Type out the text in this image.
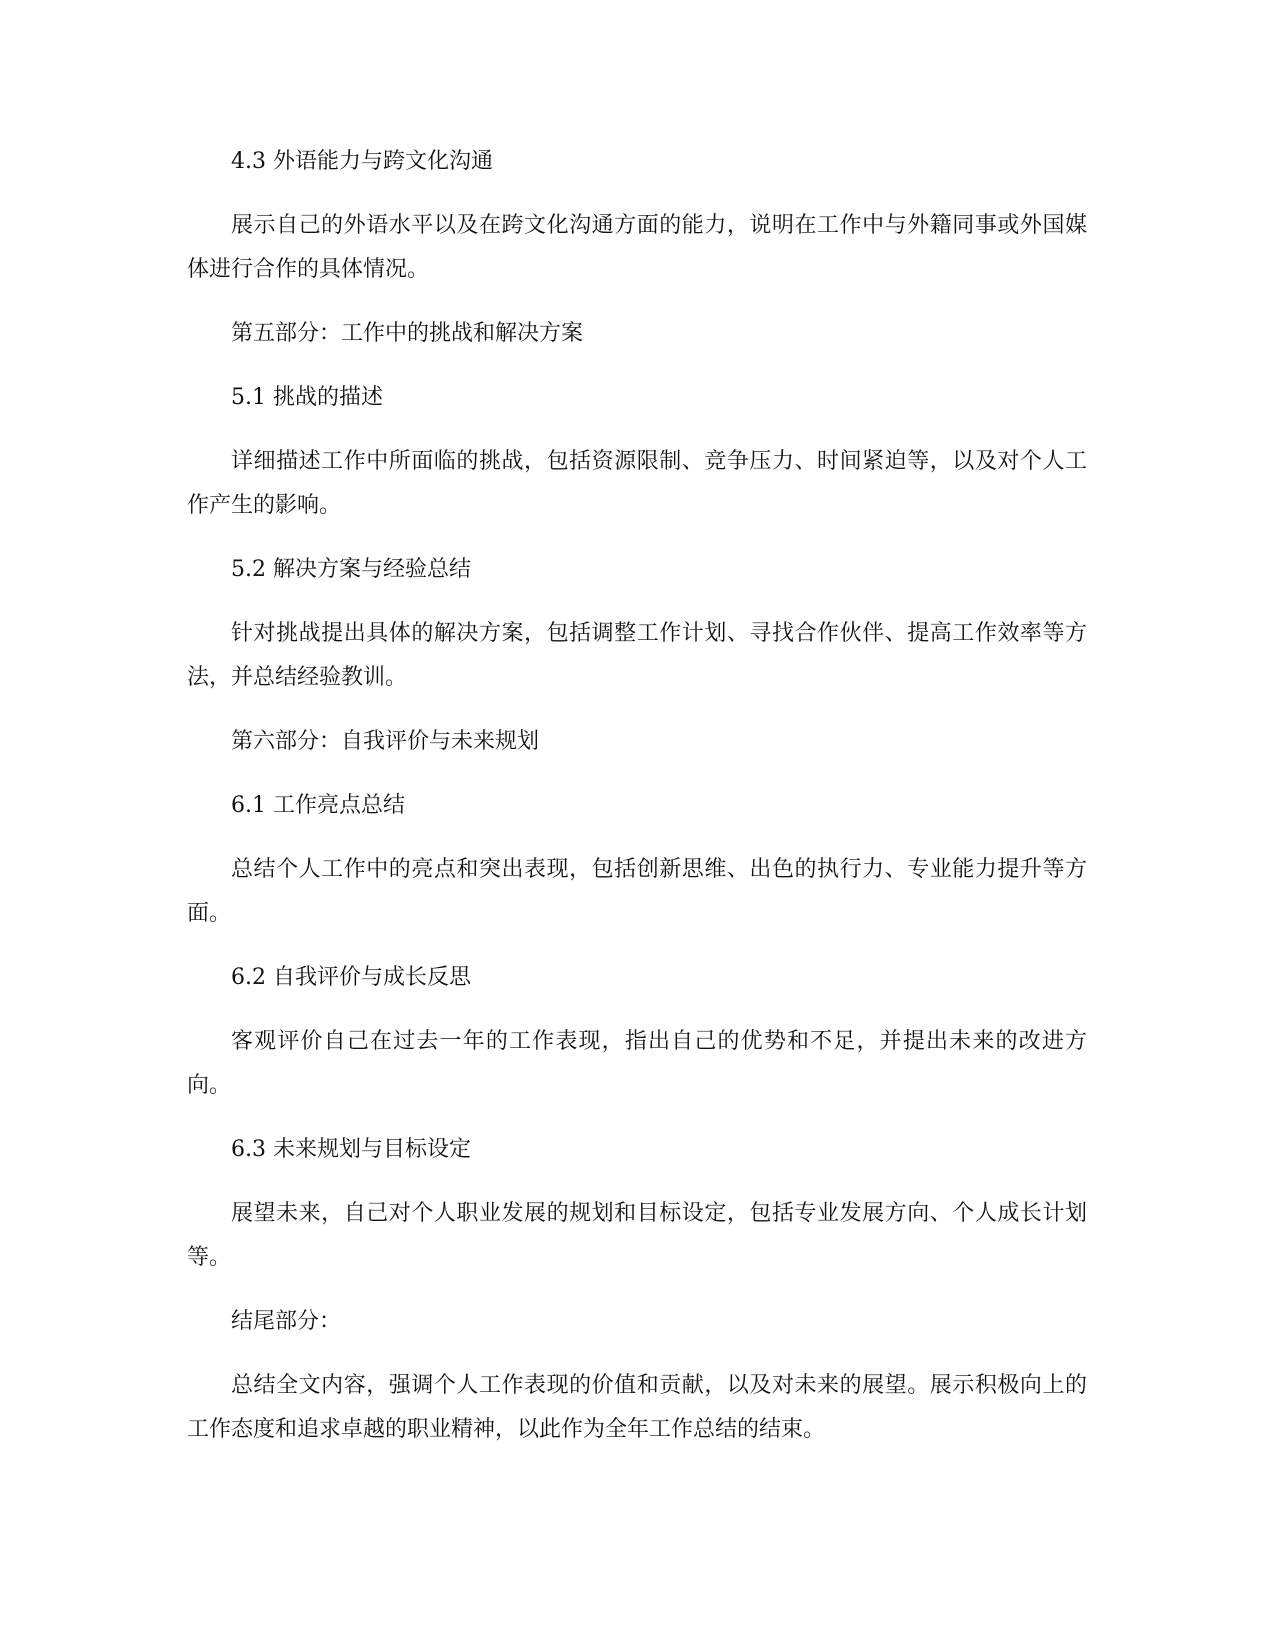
4.3 外语能力与跨文化沟通

展示自己的外语水平以及在跨文化沟通方面的能力，说明在工作中与外籍同事或外国媒体进行合作的具体情况。

第五部分：工作中的挑战和解决方案

5.1 挑战的描述

详细描述工作中所面临的挑战，包括资源限制、竞争压力、时间紧迫等，以及对个人工作产生的影响。

5.2 解决方案与经验总结

针对挑战提出具体的解决方案，包括调整工作计划、寻找合作伙伴、提高工作效率等方法，并总结经验教训。

第六部分：自我评价与未来规划

6.1 工作亮点总结

总结个人工作中的亮点和突出表现，包括创新思维、出色的执行力、专业能力提升等方面。

6.2 自我评价与成长反思

客观评价自己在过去一年的工作表现，指出自己的优势和不足，并提出未来的改进方向。

6.3 未来规划与目标设定

展望未来，自己对个人职业发展的规划和目标设定，包括专业发展方向、个人成长计划等。

结尾部分：

总结全文内容，强调个人工作表现的价值和贡献，以及对未来的展望。展示积极向上的工作态度和追求卓越的职业精神，以此作为全年工作总结的结束。
